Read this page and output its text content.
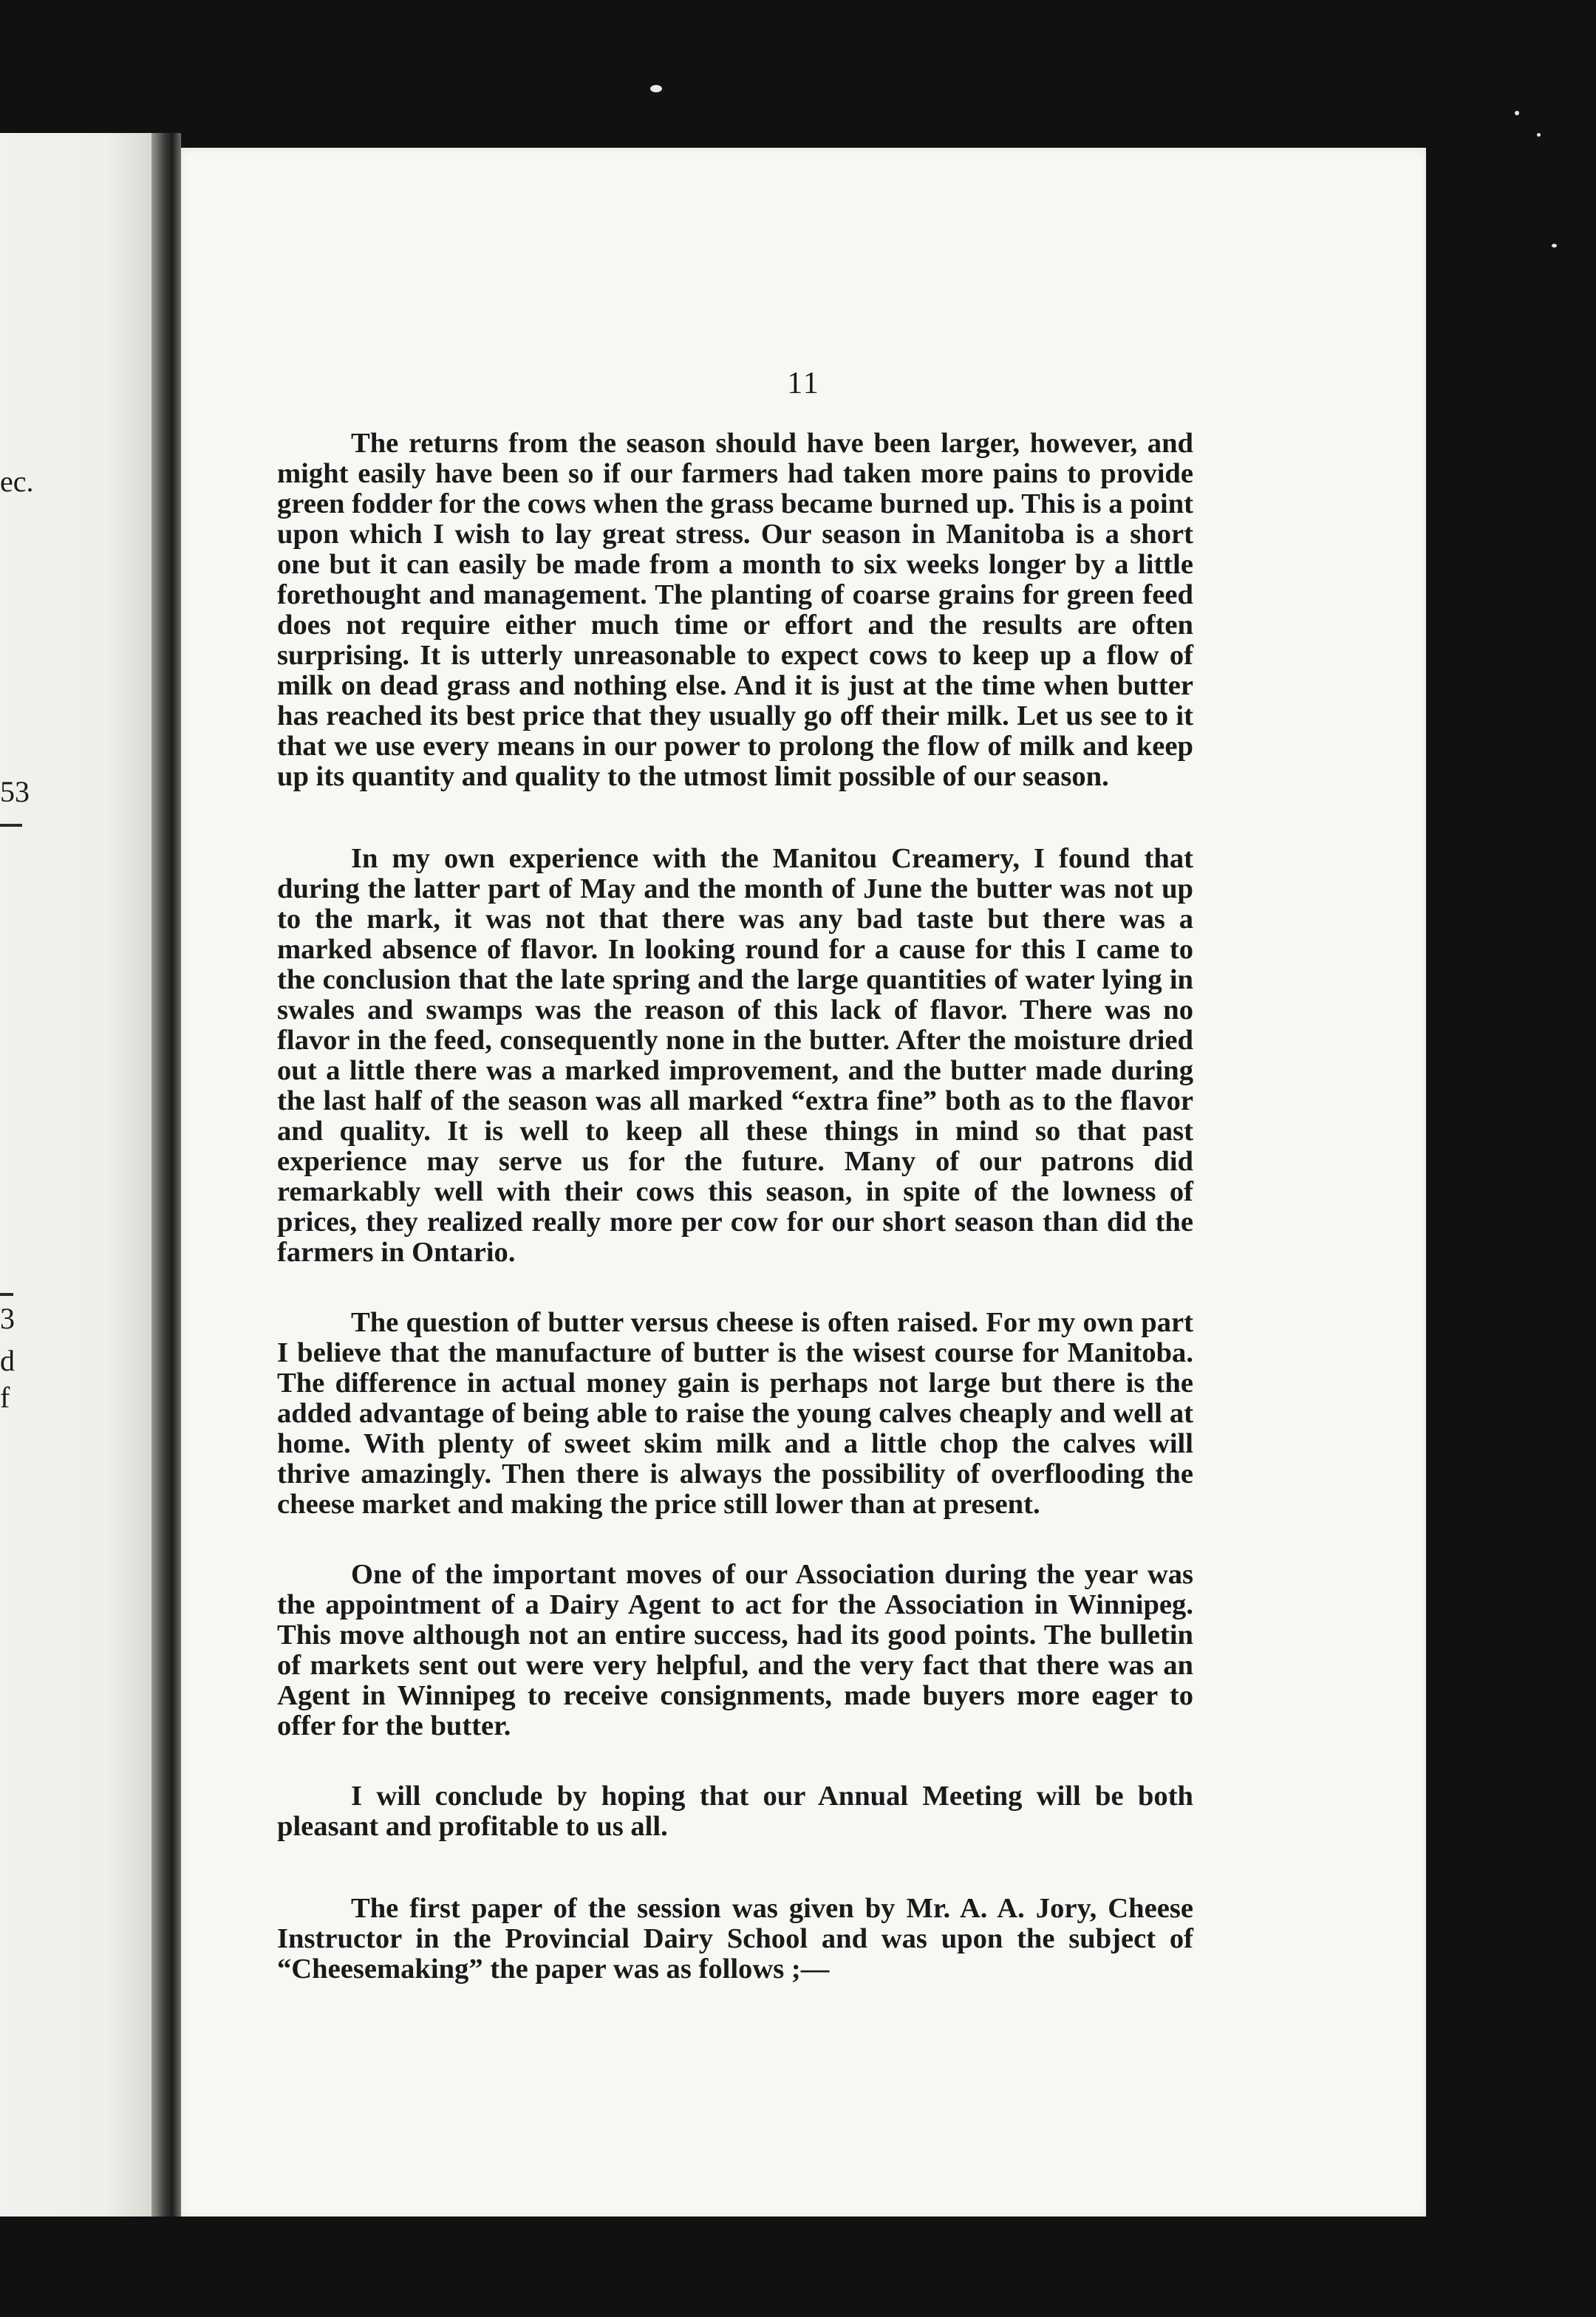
ec.
53
3
d
f
11

The returns from the season should have been larger, however, and might easily have been so if our farmers had taken more pains to provide green fodder for the cows when the grass became burned up. This is a point upon which I wish to lay great stress. Our season in Manitoba is a short one but it can easily be made from a month to six weeks longer by a little forethought and management. The planting of coarse grains for green feed does not require either much time or effort and the results are often surprising. It is utterly unreasonable to expect cows to keep up a flow of milk on dead grass and nothing else. And it is just at the time when butter has reached its best price that they usually go off their milk. Let us see to it that we use every means in our power to prolong the flow of milk and keep up its quantity and quality to the utmost limit possible of our season.

In my own experience with the Manitou Creamery, I found that during the latter part of May and the month of June the butter was not up to the mark, it was not that there was any bad taste but there was a marked absence of flavor. In looking round for a cause for this I came to the conclusion that the late spring and the large quantities of water lying in swales and swamps was the reason of this lack of flavor. There was no flavor in the feed, consequently none in the butter. After the moisture dried out a little there was a marked improvement, and the butter made during the last half of the season was all marked “extra fine” both as to the flavor and quality. It is well to keep all these things in mind so that past experience may serve us for the future. Many of our patrons did remarkably well with their cows this season, in spite of the lowness of prices, they realized really more per cow for our short season than did the farmers in Ontario.

The question of butter versus cheese is often raised. For my own part I believe that the manufacture of butter is the wisest course for Manitoba. The difference in actual money gain is perhaps not large but there is the added advantage of being able to raise the young calves cheaply and well at home. With plenty of sweet skim milk and a little chop the calves will thrive amazingly. Then there is always the possibility of overflooding the cheese market and making the price still lower than at present.

One of the important moves of our Association during the year was the appointment of a Dairy Agent to act for the Association in Winnipeg. This move although not an entire success, had its good points. The bulletin of markets sent out were very helpful, and the very fact that there was an Agent in Winnipeg to receive consignments, made buyers more eager to offer for the butter.

I will conclude by hoping that our Annual Meeting will be both pleasant and profitable to us all.

The first paper of the session was given by Mr. A. A. Jory, Cheese Instructor in the Provincial Dairy School and was upon the subject of “Cheesemaking” the paper was as follows ;—
